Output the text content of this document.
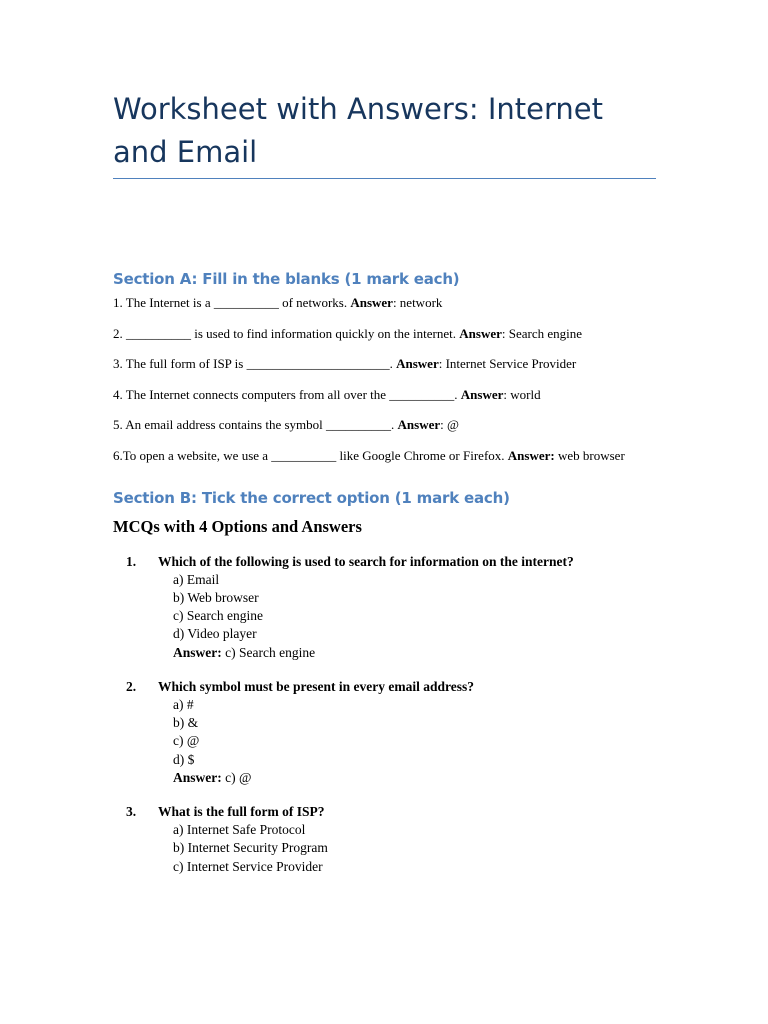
Worksheet with Answers: Internet and Email
Section A: Fill in the blanks (1 mark each)

1. The Internet is a __________ of networks. Answer: network

2. __________ is used to find information quickly on the internet. Answer: Search engine

3. The full form of ISP is ______________________. Answer: Internet Service Provider

4. The Internet connects computers from all over the __________. Answer: world

5. An email address contains the symbol __________. Answer: @

6.To open a website, we use a __________ like Google Chrome or Firefox. Answer: web browser

Section B: Tick the correct option (1 mark each)
MCQs with 4 Options and Answers
1.	Which of the following is used to search for information on the internet?
a) Email
b) Web browser
c) Search engine
d) Video player
Answer: c) Search engine
2.	Which symbol must be present in every email address?
a) #
b) &
c) @
d) $
Answer: c) @
3.	What is the full form of ISP?
a) Internet Safe Protocol
b) Internet Security Program
c) Internet Service Provider
